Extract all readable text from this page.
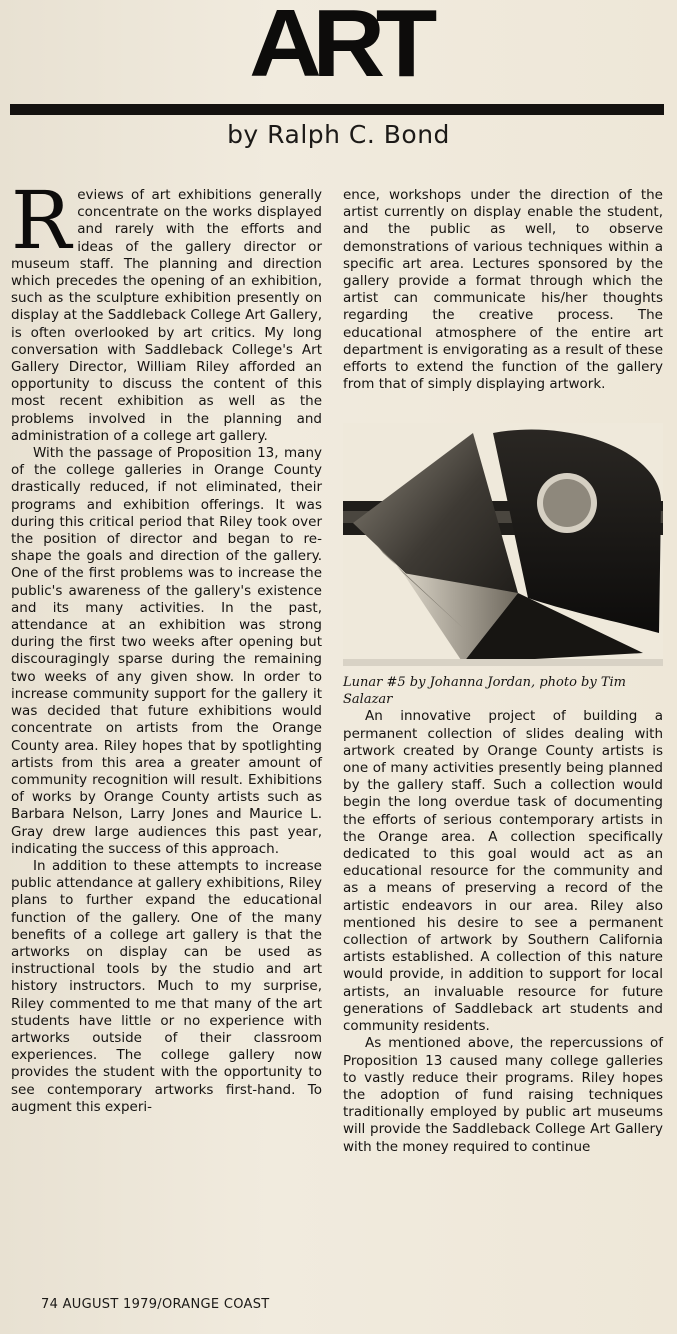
ART
by Ralph C. Bond

Reviews of art exhibitions generally concentrate on the works displayed and rarely with the efforts and ideas of the gallery director or museum staff. The planning and direction which precedes the opening of an exhibition, such as the sculpture exhibition presently on display at the Saddleback College Art Gallery, is often overlooked by art critics. My long conversation with Saddleback College's Art Gallery Director, William Riley afforded an opportunity to discuss the content of this most recent exhibition as well as the problems involved in the planning and administration of a college art gallery.

With the passage of Proposition 13, many of the college galleries in Orange County drastically reduced, if not eliminated, their programs and exhibition offerings. It was during this critical period that Riley took over the position of director and began to re-shape the goals and direction of the gallery. One of the first problems was to increase the public's awareness of the gallery's existence and its many activities. In the past, attendance at an exhibition was strong during the first two weeks after opening but discouragingly sparse during the remaining two weeks of any given show. In order to increase community support for the gallery it was decided that future exhibitions would concentrate on artists from the Orange County area. Riley hopes that by spotlighting artists from this area a greater amount of community recognition will result. Exhibitions of works by Orange County artists such as Barbara Nelson, Larry Jones and Maurice L. Gray drew large audiences this past year, indicating the success of this approach.

In addition to these attempts to increase public attendance at gallery exhibitions, Riley plans to further expand the educational function of the gallery. One of the many benefits of a college art gallery is that the artworks on display can be used as instructional tools by the studio and art history instructors. Much to my surprise, Riley commented to me that many of the art students have little or no experience with artworks outside of their classroom experiences. The college gallery now provides the student with the opportunity to see contemporary artworks first-hand. To augment this experi-

ence, workshops under the direction of the artist currently on display enable the student, and the public as well, to observe demonstrations of various techniques within a specific art area. Lectures sponsored by the gallery provide a format through which the artist can communicate his/her thoughts regarding the creative process. The educational atmosphere of the entire art department is envigorating as a result of these efforts to extend the function of the gallery from that of simply displaying artwork.

Lunar #5 by Johanna Jordan, photo by Tim Salazar

An innovative project of building a permanent collection of slides dealing with artwork created by Orange County artists is one of many activities presently being planned by the gallery staff. Such a collection would begin the long overdue task of documenting the efforts of serious contemporary artists in the Orange area. A collection specifically dedicated to this goal would act as an educational resource for the community and as a means of preserving a record of the artistic endeavors in our area. Riley also mentioned his desire to see a permanent collection of artwork by Southern California artists established. A collection of this nature would provide, in addition to support for local artists, an invaluable resource for future generations of Saddleback art students and community residents.

As mentioned above, the repercussions of Proposition 13 caused many college galleries to vastly reduce their programs. Riley hopes the adoption of fund raising techniques traditionally employed by public art museums will provide the Saddleback College Art Gallery with the money required to continue

74 AUGUST 1979/ORANGE COAST
